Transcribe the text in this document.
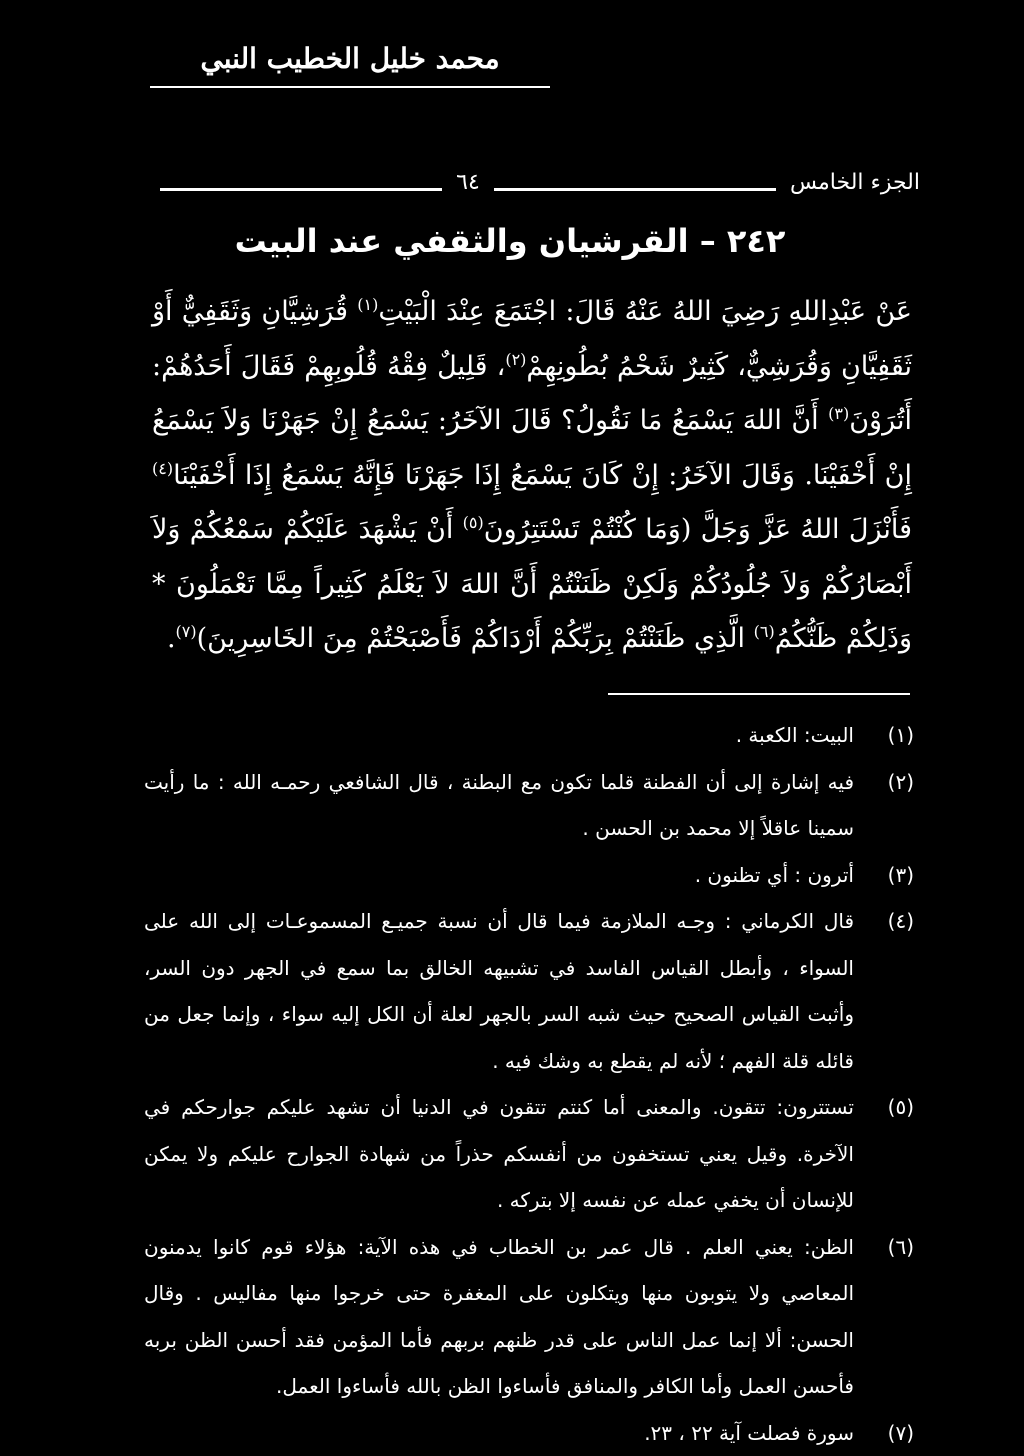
محمد خليل الخطيب النبي
الجزء الخامس
٦٤
٢٤٢ – القرشيان والثقفي عند البيت
عَنْ عَبْدِاللهِ رَضِيَ اللهُ عَنْهُ قَالَ: اجْتَمَعَ عِنْدَ الْبَيْتِ$^{(١)}$ قُرَشِيَّانِ وَثَقَفِيٌّ أَوْ ثَقَفِيَّانِ وَقُرَشِيٌّ، كَثِيرٌ شَحْمُ بُطُونِهِمْ$^{(٢)}$، قَلِيلٌ فِقْهُ قُلُوبِهِمْ فَقَالَ أَحَدُهُمْ: أَتُرَوْنَ$^{(٣)}$ أَنَّ اللهَ يَسْمَعُ مَا نَقُولُ؟ قَالَ الآخَرُ: يَسْمَعُ إِنْ جَهَرْنَا وَلاَ يَسْمَعُ إِنْ أَخْفَيْنَا. وَقَالَ الآخَرُ: إِنْ كَانَ يَسْمَعُ إِذَا جَهَرْنَا فَإِنَّهُ يَسْمَعُ إِذَا أَخْفَيْنَا$^{(٤)}$ فَأَنْزَلَ اللهُ عَزَّ وَجَلَّ (وَمَا كُنْتُمْ تَسْتَتِرُونَ$^{(٥)}$ أَنْ يَشْهَدَ عَلَيْكُمْ سَمْعُكُمْ وَلاَ أَبْصَارُكُمْ وَلاَ جُلُودُكُمْ وَلَكِنْ ظَنَنْتُمْ أَنَّ اللهَ لاَ يَعْلَمُ كَثِيراً مِمَّا تَعْمَلُونَ * وَذَلِكُمْ ظَنُّكُمُ$^{(٦)}$ الَّذِي ظَنَنْتُمْ بِرَبِّكُمْ أَرْدَاكُمْ فَأَصْبَحْتُمْ مِنَ الخَاسِرِينَ)$^{(٧)}$.
(١)
البيت: الكعبة .
(٢)
فيه إشارة إلى أن الفطنة قلما تكون مع البطنة ، قال الشافعي رحمـه الله : ما رأيت سمينا عاقلاً إلا محمد بن الحسن .
(٣)
أترون : أي تظنون .
(٤)
قال الكرماني : وجـه الملازمة فيما قال أن نسبة جميـع المسموعـات إلى الله على السواء ، وأبطل القياس الفاسد في تشبيهه الخالق بما سمع في الجهر دون السر، وأثبت القياس الصحيح حيث شبه السر بالجهر لعلة أن الكل إليه سواء ، وإنما جعل من قائله قلة الفهم ؛ لأنه لم يقطع به وشك فيه .
(٥)
تستترون: تتقون. والمعنى أما كنتم تتقون في الدنيا أن تشهد عليكم جوارحكم في الآخرة. وقيل يعني تستخفون من أنفسكم حذراً من شهادة الجوارح عليكم ولا يمكن للإنسان أن يخفي عمله عن نفسه إلا بتركه .
(٦)
الظن: يعني العلم . قال عمر بن الخطاب في هذه الآية: هؤلاء قوم كانوا يدمنون المعاصي ولا يتوبون منها ويتكلون على المغفرة حتى خرجوا منها مفاليس . وقال الحسن: ألا إنما عمل الناس على قدر ظنهم بربهم فأما المؤمن فقد أحسن الظن بربه فأحسن العمل وأما الكافر والمنافق فأساءوا الظن بالله فأساءوا العمل.
(٧)
سورة فصلت آية ٢٢ ، ٢٣.
